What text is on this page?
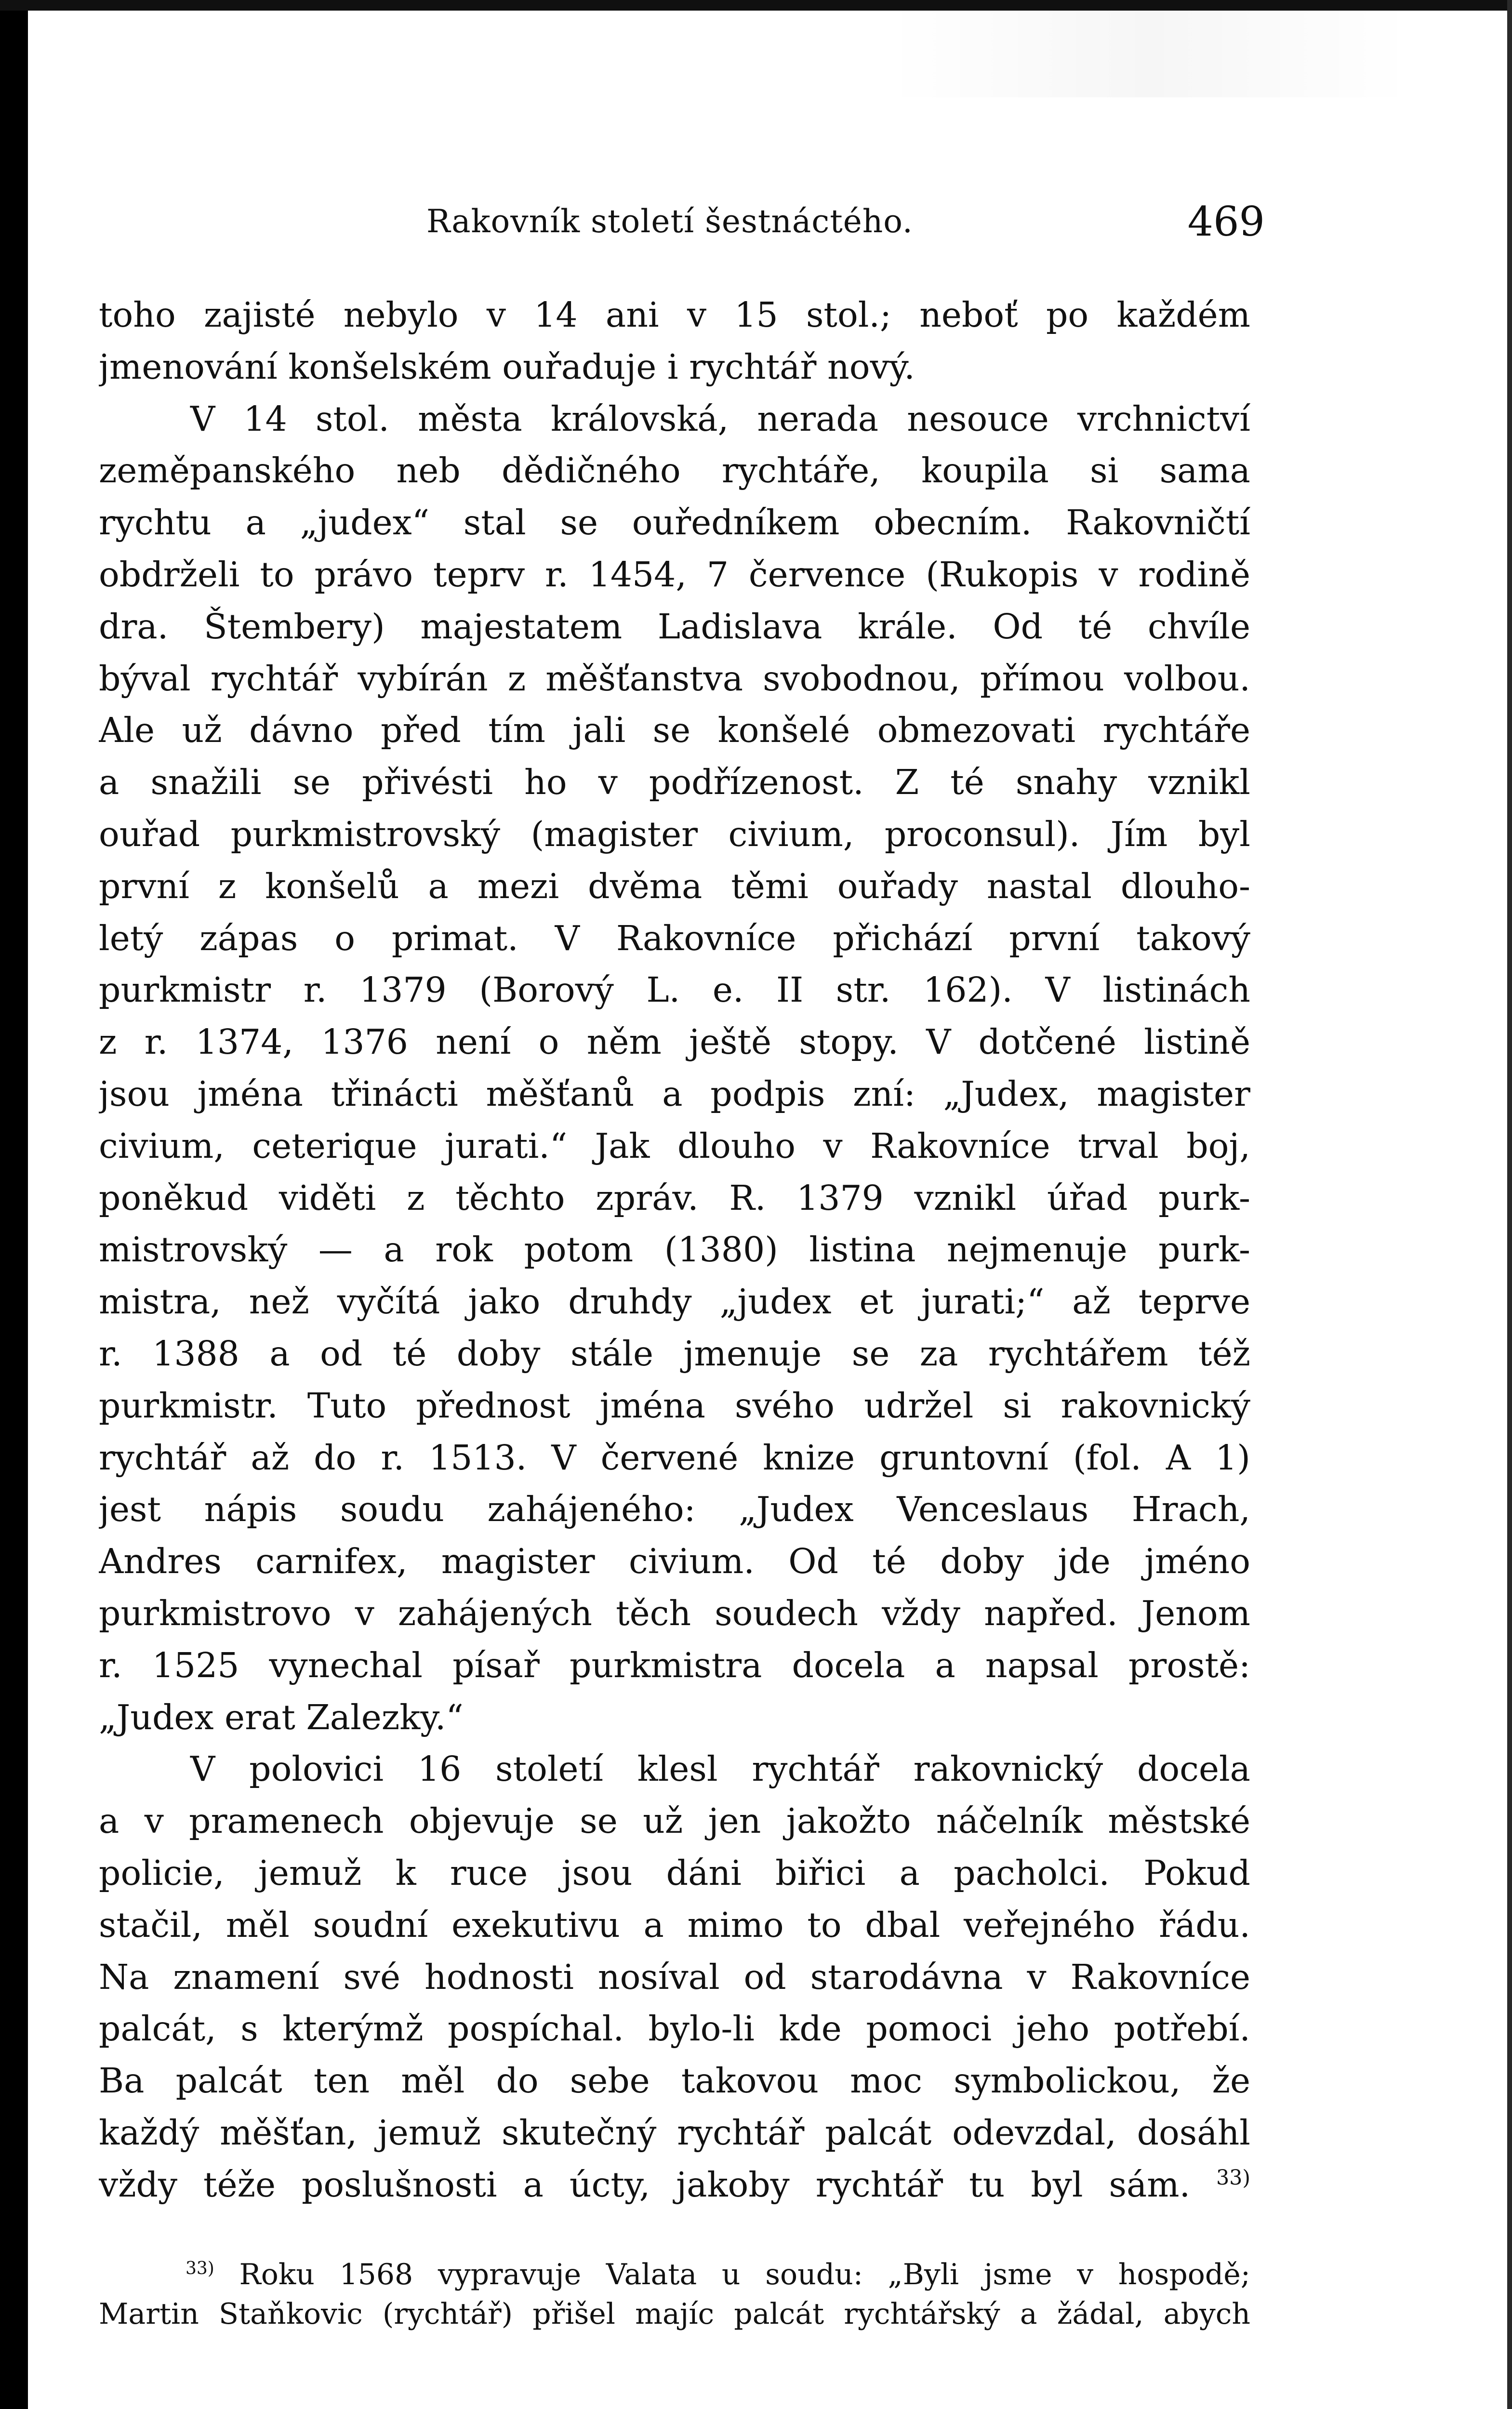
Rakovník století šestnáctého.	469
toho zajisté nebylo v 14 ani v 15 stol.; neboť po každém
jmenování konšelském ouřaduje i rychtář nový.
V 14 stol. města královská, nerada nesouce vrchnictví
zeměpanského neb dědičného rychtáře, koupila si sama
rychtu a „judex“ stal se ouředníkem obecním. Rakovničtí
obdrželi to právo teprv r. 1454, 7 července (Rukopis v rodině
dra. Štembery) majestatem Ladislava krále. Od té chvíle
býval rychtář vybírán z měšťanstva svobodnou, přímou volbou.
Ale už dávno před tím jali se konšelé obmezovati rychtáře
a snažili se přivésti ho v podřízenost. Z té snahy vznikl
ouřad purkmistrovský (magister civium, proconsul). Jím byl
první z konšelů a mezi dvěma těmi ouřady nastal dlouho-
letý zápas o primat. V Rakovníce přichází první takový
purkmistr r. 1379 (Borový L. e. II str. 162). V listinách
z r. 1374, 1376 není o něm ještě stopy. V dotčené listině
jsou jména třinácti měšťanů a podpis zní: „Judex, magister
civium, ceterique jurati.“ Jak dlouho v Rakovníce trval boj,
poněkud viděti z těchto zpráv. R. 1379 vznikl úřad purk-
mistrovský — a rok potom (1380) listina nejmenuje purk-
mistra, než vyčítá jako druhdy „judex et jurati;“ až teprve
r. 1388 a od té doby stále jmenuje se za rychtářem též
purkmistr. Tuto přednost jména svého udržel si rakovnický
rychtář až do r. 1513. V červené knize gruntovní (fol. A 1)
jest nápis soudu zahájeného: „Judex Venceslaus Hrach,
Andres carnifex, magister civium. Od té doby jde jméno
purkmistrovo v zahájených těch soudech vždy napřed. Jenom
r. 1525 vynechal písař purkmistra docela a napsal prostě:
„Judex erat Zalezky.“
V polovici 16 století klesl rychtář rakovnický docela
a v pramenech objevuje se už jen jakožto náčelník městské
policie, jemuž k ruce jsou dáni biřici a pacholci. Pokud
stačil, měl soudní exekutivu a mimo to dbal veřejného řádu.
Na znamení své hodnosti nosíval od starodávna v Rakovníce
palcát, s kterýmž pospíchal. bylo-li kde pomoci jeho potřebí.
Ba palcát ten měl do sebe takovou moc symbolickou, že
každý měšťan, jemuž skutečný rychtář palcát odevzdal, dosáhl
vždy téže poslušnosti a úcty, jakoby rychtář tu byl sám. $^{33)}$
$^{33)}$ Roku 1568 vypravuje Valata u soudu: „Byli jsme v hospodě;
Martin Staňkovic (rychtář) přišel majíc palcát rychtářský a žádal, abych
